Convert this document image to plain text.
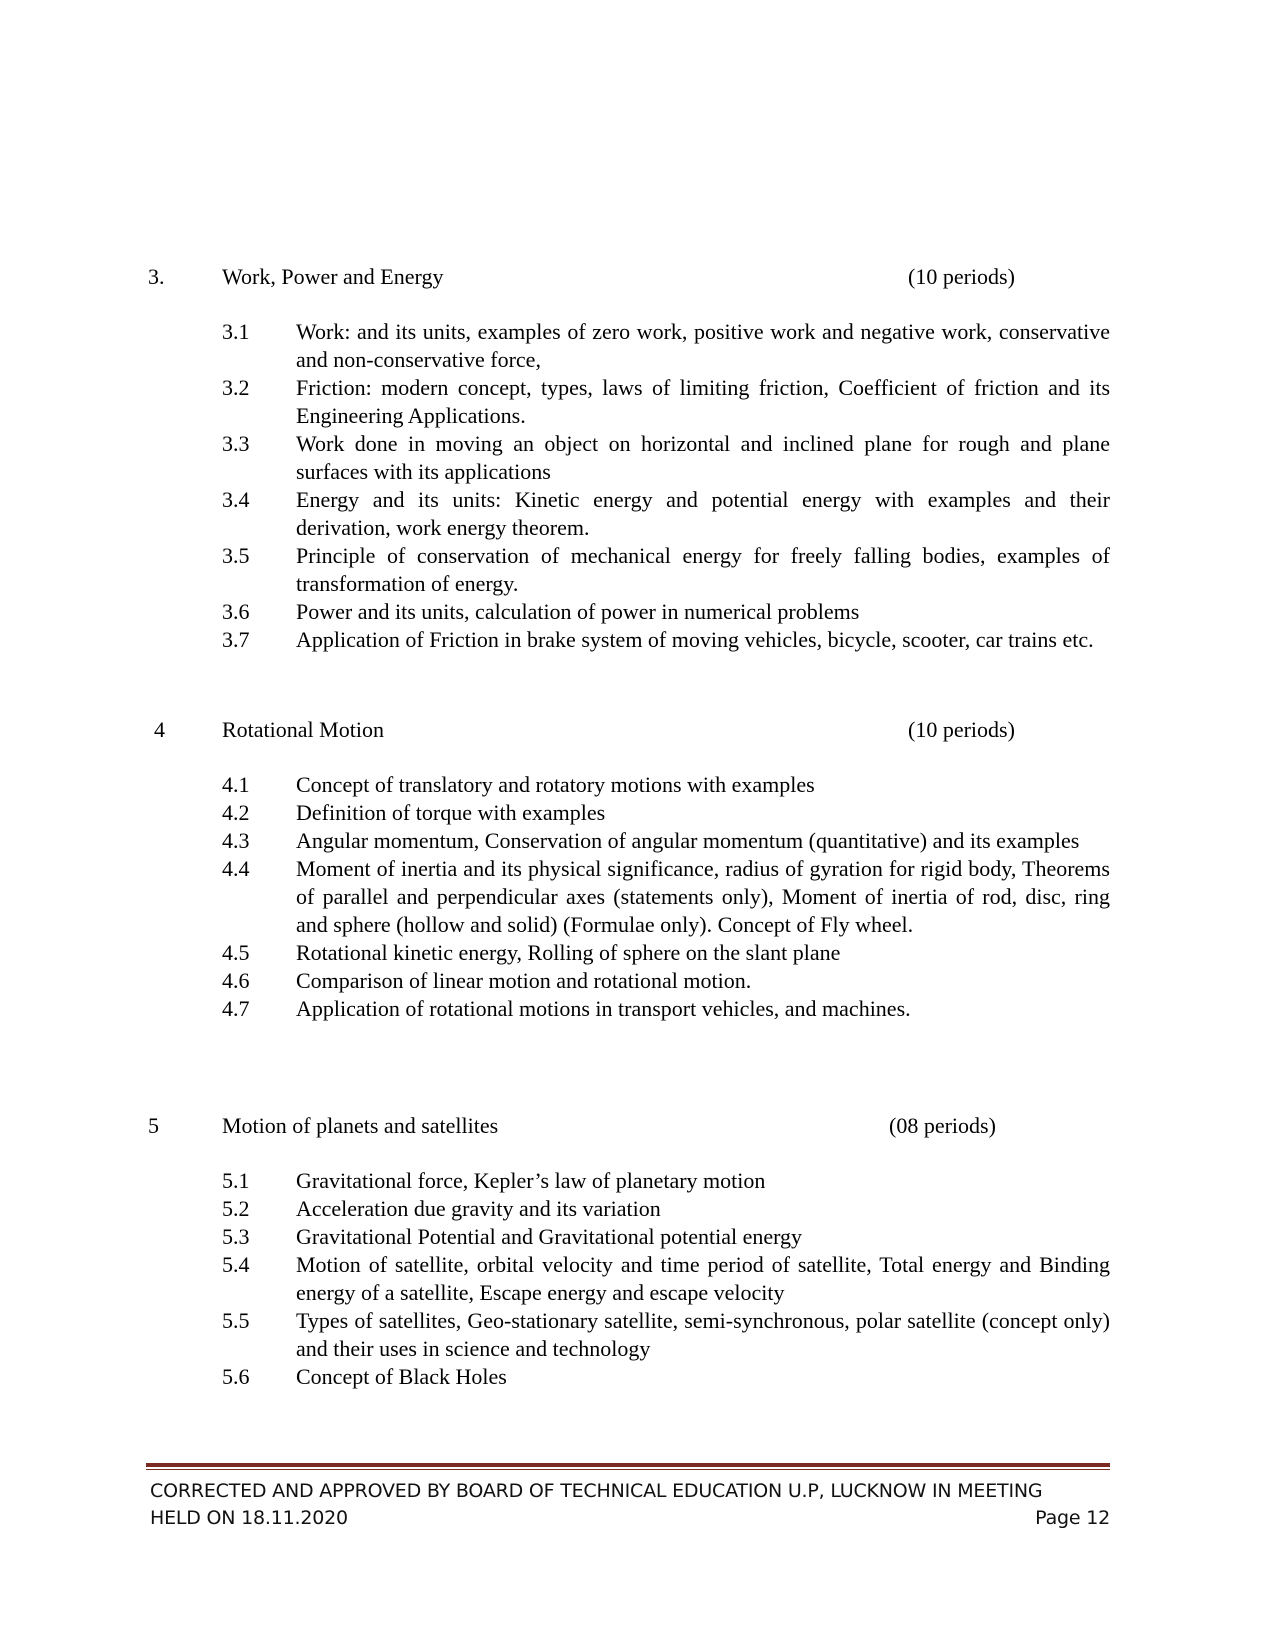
3.	Work, Power and Energy	(10 periods)
3.1	Work: and its units, examples of zero work, positive work and negative work, conservative and non-conservative force,
3.2	Friction: modern concept, types, laws of limiting friction, Coefficient of friction and its Engineering Applications.
3.3	Work done in moving an object on horizontal and inclined plane for rough and plane surfaces with its applications
3.4	Energy and its units: Kinetic energy and potential energy with examples and their derivation, work energy theorem.
3.5	Principle of conservation of mechanical energy for freely falling bodies, examples of transformation of energy.
3.6	Power and its units, calculation of power in numerical problems
3.7	Application of Friction in brake system of moving vehicles, bicycle, scooter, car trains etc.
4	Rotational Motion	(10 periods)
4.1	Concept of translatory and rotatory motions with examples
4.2	Definition of torque with examples
4.3	Angular momentum, Conservation of angular momentum (quantitative) and its examples
4.4	Moment of inertia and its physical significance, radius of gyration for rigid body, Theorems of parallel and perpendicular axes (statements only), Moment of inertia of rod, disc, ring and sphere (hollow and solid) (Formulae only). Concept of Fly wheel.
4.5	Rotational kinetic energy, Rolling of sphere on the slant plane
4.6	Comparison of linear motion and rotational motion.
4.7	Application of rotational motions in transport vehicles, and machines.
5	Motion of planets and satellites	(08 periods)
5.1	Gravitational force, Kepler’s law of planetary motion
5.2	Acceleration due gravity and its variation
5.3	Gravitational Potential and Gravitational potential energy
5.4	Motion of satellite, orbital velocity and time period of satellite, Total energy and Binding energy of a satellite, Escape energy and escape velocity
5.5	Types of satellites, Geo-stationary satellite, semi-synchronous, polar satellite (concept only) and their uses in science and technology
5.6	Concept of Black Holes
CORRECTED AND APPROVED BY BOARD OF TECHNICAL EDUCATION U.P, LUCKNOW IN MEETING
HELD ON 18.11.2020	Page 12
